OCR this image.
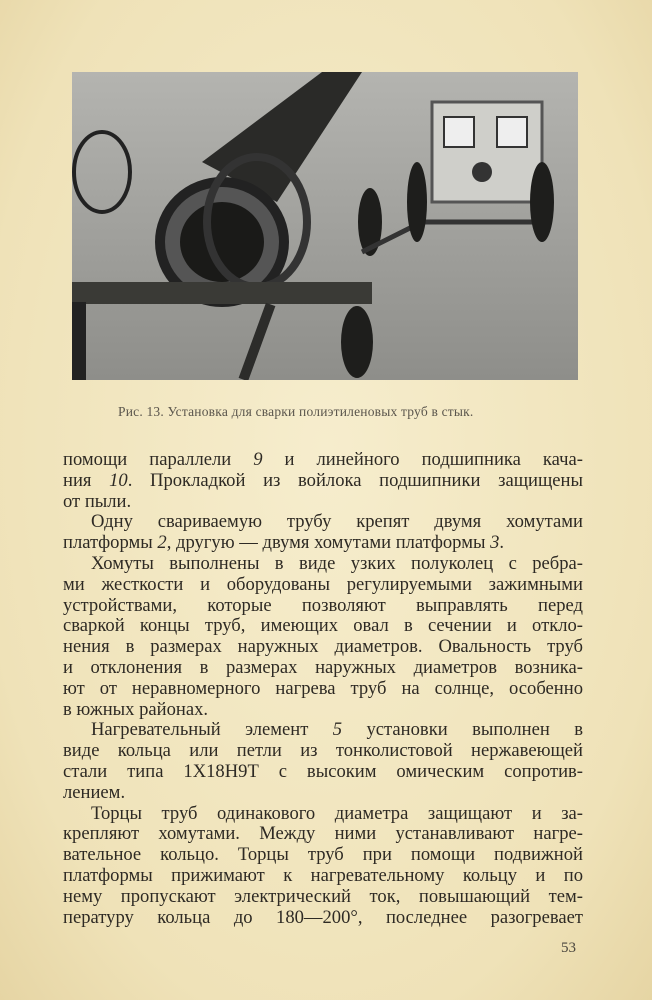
Рис. 13. Установка для сварки полиэтиленовых труб в стык.
помощи параллели 9 и линейного подшипника кача-
ния 10. Прокладкой из войлока подшипники защищены
от пыли.
Одну свариваемую трубу крепят двумя хомутами
платформы 2, другую — двумя хомутами платформы 3.
Хомуты выполнены в виде узких полуколец с ребра-
ми жесткости и оборудованы регулируемыми зажимными
устройствами, которые позволяют выправлять перед
сваркой концы труб, имеющих овал в сечении и откло-
нения в размерах наружных диаметров. Овальность труб
и отклонения в размерах наружных диаметров возника-
ют от неравномерного нагрева труб на солнце, особенно
в южных районах.
Нагревательный элемент 5 установки выполнен в
виде кольца или петли из тонколистовой нержавеющей
стали типа 1Х18Н9Т с высоким омическим сопротив-
лением.
Торцы труб одинакового диаметра защищают и за-
крепляют хомутами. Между ними устанавливают нагре-
вательное кольцо. Торцы труб при помощи подвижной
платформы прижимают к нагревательному кольцу и по
нему пропускают электрический ток, повышающий тем-
пературу кольца до 180—200°, последнее разогревает
53
